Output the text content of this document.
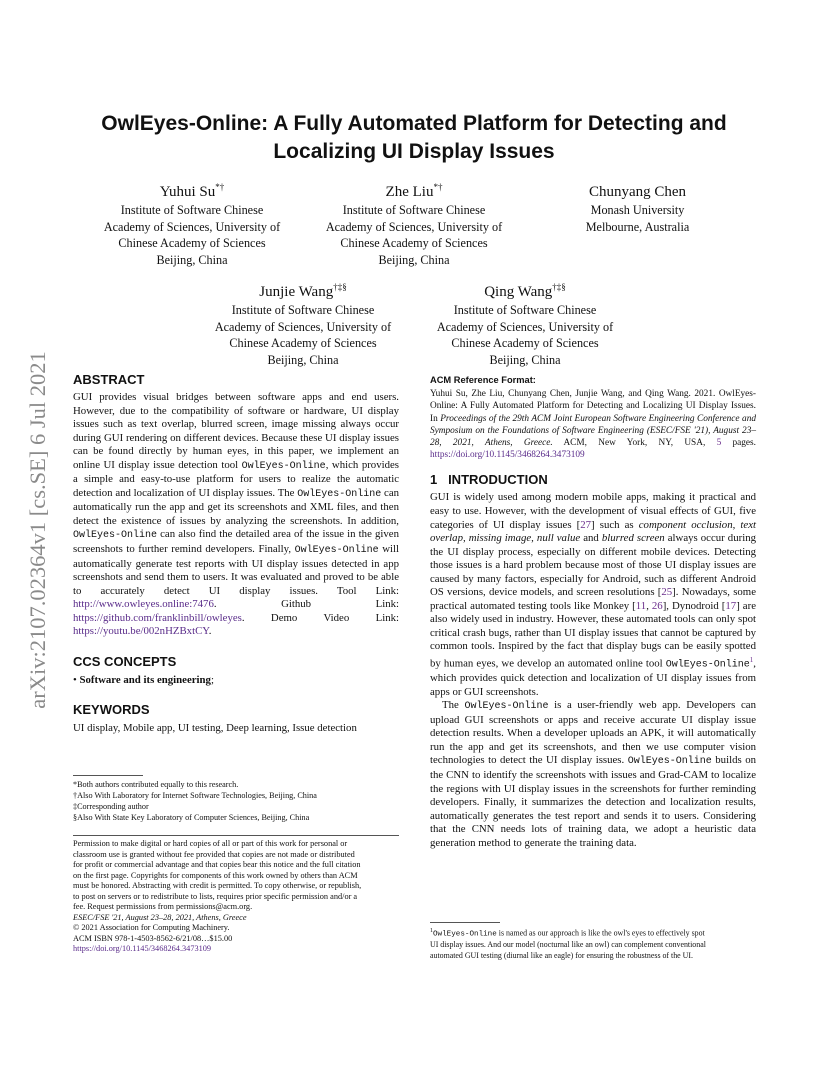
arXiv:2107.02364v1 [cs.SE] 6 Jul 2021
OwlEyes-Online: A Fully Automated Platform for Detecting and Localizing UI Display Issues
Yuhui Su*†
Institute of Software Chinese
Academy of Sciences, University of
Chinese Academy of Sciences
Beijing, China
Zhe Liu*†
Institute of Software Chinese
Academy of Sciences, University of
Chinese Academy of Sciences
Beijing, China
Chunyang Chen
Monash University
Melbourne, Australia
Junjie Wang†‡§
Institute of Software Chinese
Academy of Sciences, University of
Chinese Academy of Sciences
Beijing, China
Qing Wang†‡§
Institute of Software Chinese
Academy of Sciences, University of
Chinese Academy of Sciences
Beijing, China
ABSTRACT

GUI provides visual bridges between software apps and end users. However, due to the compatibility of software or hardware, UI display issues such as text overlap, blurred screen, image missing always occur during GUI rendering on different devices. Because these UI display issues can be found directly by human eyes, in this paper, we implement an online UI display issue detection tool OwlEyes-Online, which provides a simple and easy-to-use platform for users to realize the automatic detection and localization of UI display issues. The OwlEyes-Online can automatically run the app and get its screenshots and XML files, and then detect the existence of issues by analyzing the screenshots. In addition, OwlEyes-Online can also find the detailed area of the issue in the given screenshots to further remind developers. Finally, OwlEyes-Online will automatically generate test reports with UI display issues detected in app screenshots and send them to users. It was evaluated and proved to be able to accurately detect UI display issues. Tool Link: http://www.owleyes.online:7476. Github Link: https://github.com/franklinbill/owleyes. Demo Video Link: https://youtu.be/002nHZBxtCY.

CCS CONCEPTS

• Software and its engineering;

KEYWORDS

UI display, Mobile app, UI testing, Deep learning, Issue detection

*Both authors contributed equally to this research.
†Also With Laboratory for Internet Software Technologies, Beijing, China
‡Corresponding author
§Also With State Key Laboratory of Computer Sciences, Beijing, China
Permission to make digital or hard copies of all or part of this work for personal or
classroom use is granted without fee provided that copies are not made or distributed
for profit or commercial advantage and that copies bear this notice and the full citation
on the first page. Copyrights for components of this work owned by others than ACM
must be honored. Abstracting with credit is permitted. To copy otherwise, or republish,
to post on servers or to redistribute to lists, requires prior specific permission and/or a
fee. Request permissions from permissions@acm.org.
ESEC/FSE '21, August 23–28, 2021, Athens, Greece
© 2021 Association for Computing Machinery.
ACM ISBN 978-1-4503-8562-6/21/08…$15.00
https://doi.org/10.1145/3468264.3473109
ACM Reference Format:
Yuhui Su, Zhe Liu, Chunyang Chen, Junjie Wang, and Qing Wang. 2021. OwlEyes-Online: A Fully Automated Platform for Detecting and Localizing UI Display Issues. In Proceedings of the 29th ACM Joint European Software Engineering Conference and Symposium on the Foundations of Software Engineering (ESEC/FSE '21), August 23–28, 2021, Athens, Greece. ACM, New York, NY, USA, 5 pages. https://doi.org/10.1145/3468264.3473109
1   INTRODUCTION

GUI is widely used among modern mobile apps, making it practical and easy to use. However, with the development of visual effects of GUI, five categories of UI display issues [27] such as component occlusion, text overlap, missing image, null value and blurred screen always occur during the UI display process, especially on different mobile devices. Detecting those issues is a hard problem because most of those UI display issues are caused by many factors, especially for Android, such as different Android OS versions, device models, and screen resolutions [25]. Nowadays, some practical automated testing tools like Monkey [11, 26], Dynodroid [17] are also widely used in industry. However, these automated tools can only spot critical crash bugs, rather than UI display issues that cannot be captured by common tools. Inspired by the fact that display bugs can be easily spotted by human eyes, we develop an automated online tool OwlEyes-Online$^1$, which provides quick detection and localization of UI display issues from apps or GUI screenshots.

The OwlEyes-Online is a user-friendly web app. Developers can upload GUI screenshots or apps and receive accurate UI display issue detection results. When a developer uploads an APK, it will automatically run the app and get its screenshots, and then we use computer vision technologies to detect the UI display issues. OwlEyes-Online builds on the CNN to identify the screenshots with issues and Grad-CAM to localize the regions with UI display issues in the screenshots for further reminding developers. Finally, it summarizes the detection and localization results, automatically generates the test report and sends it to users. Considering that the CNN needs lots of training data, we adopt a heuristic data generation method to generate the training data.

$^1$OwlEyes-Online is named as our approach is like the owl's eyes to effectively spot
UI display issues. And our model (nocturnal like an owl) can complement conventional
automated GUI testing (diurnal like an eagle) for ensuring the robustness of the UI.
